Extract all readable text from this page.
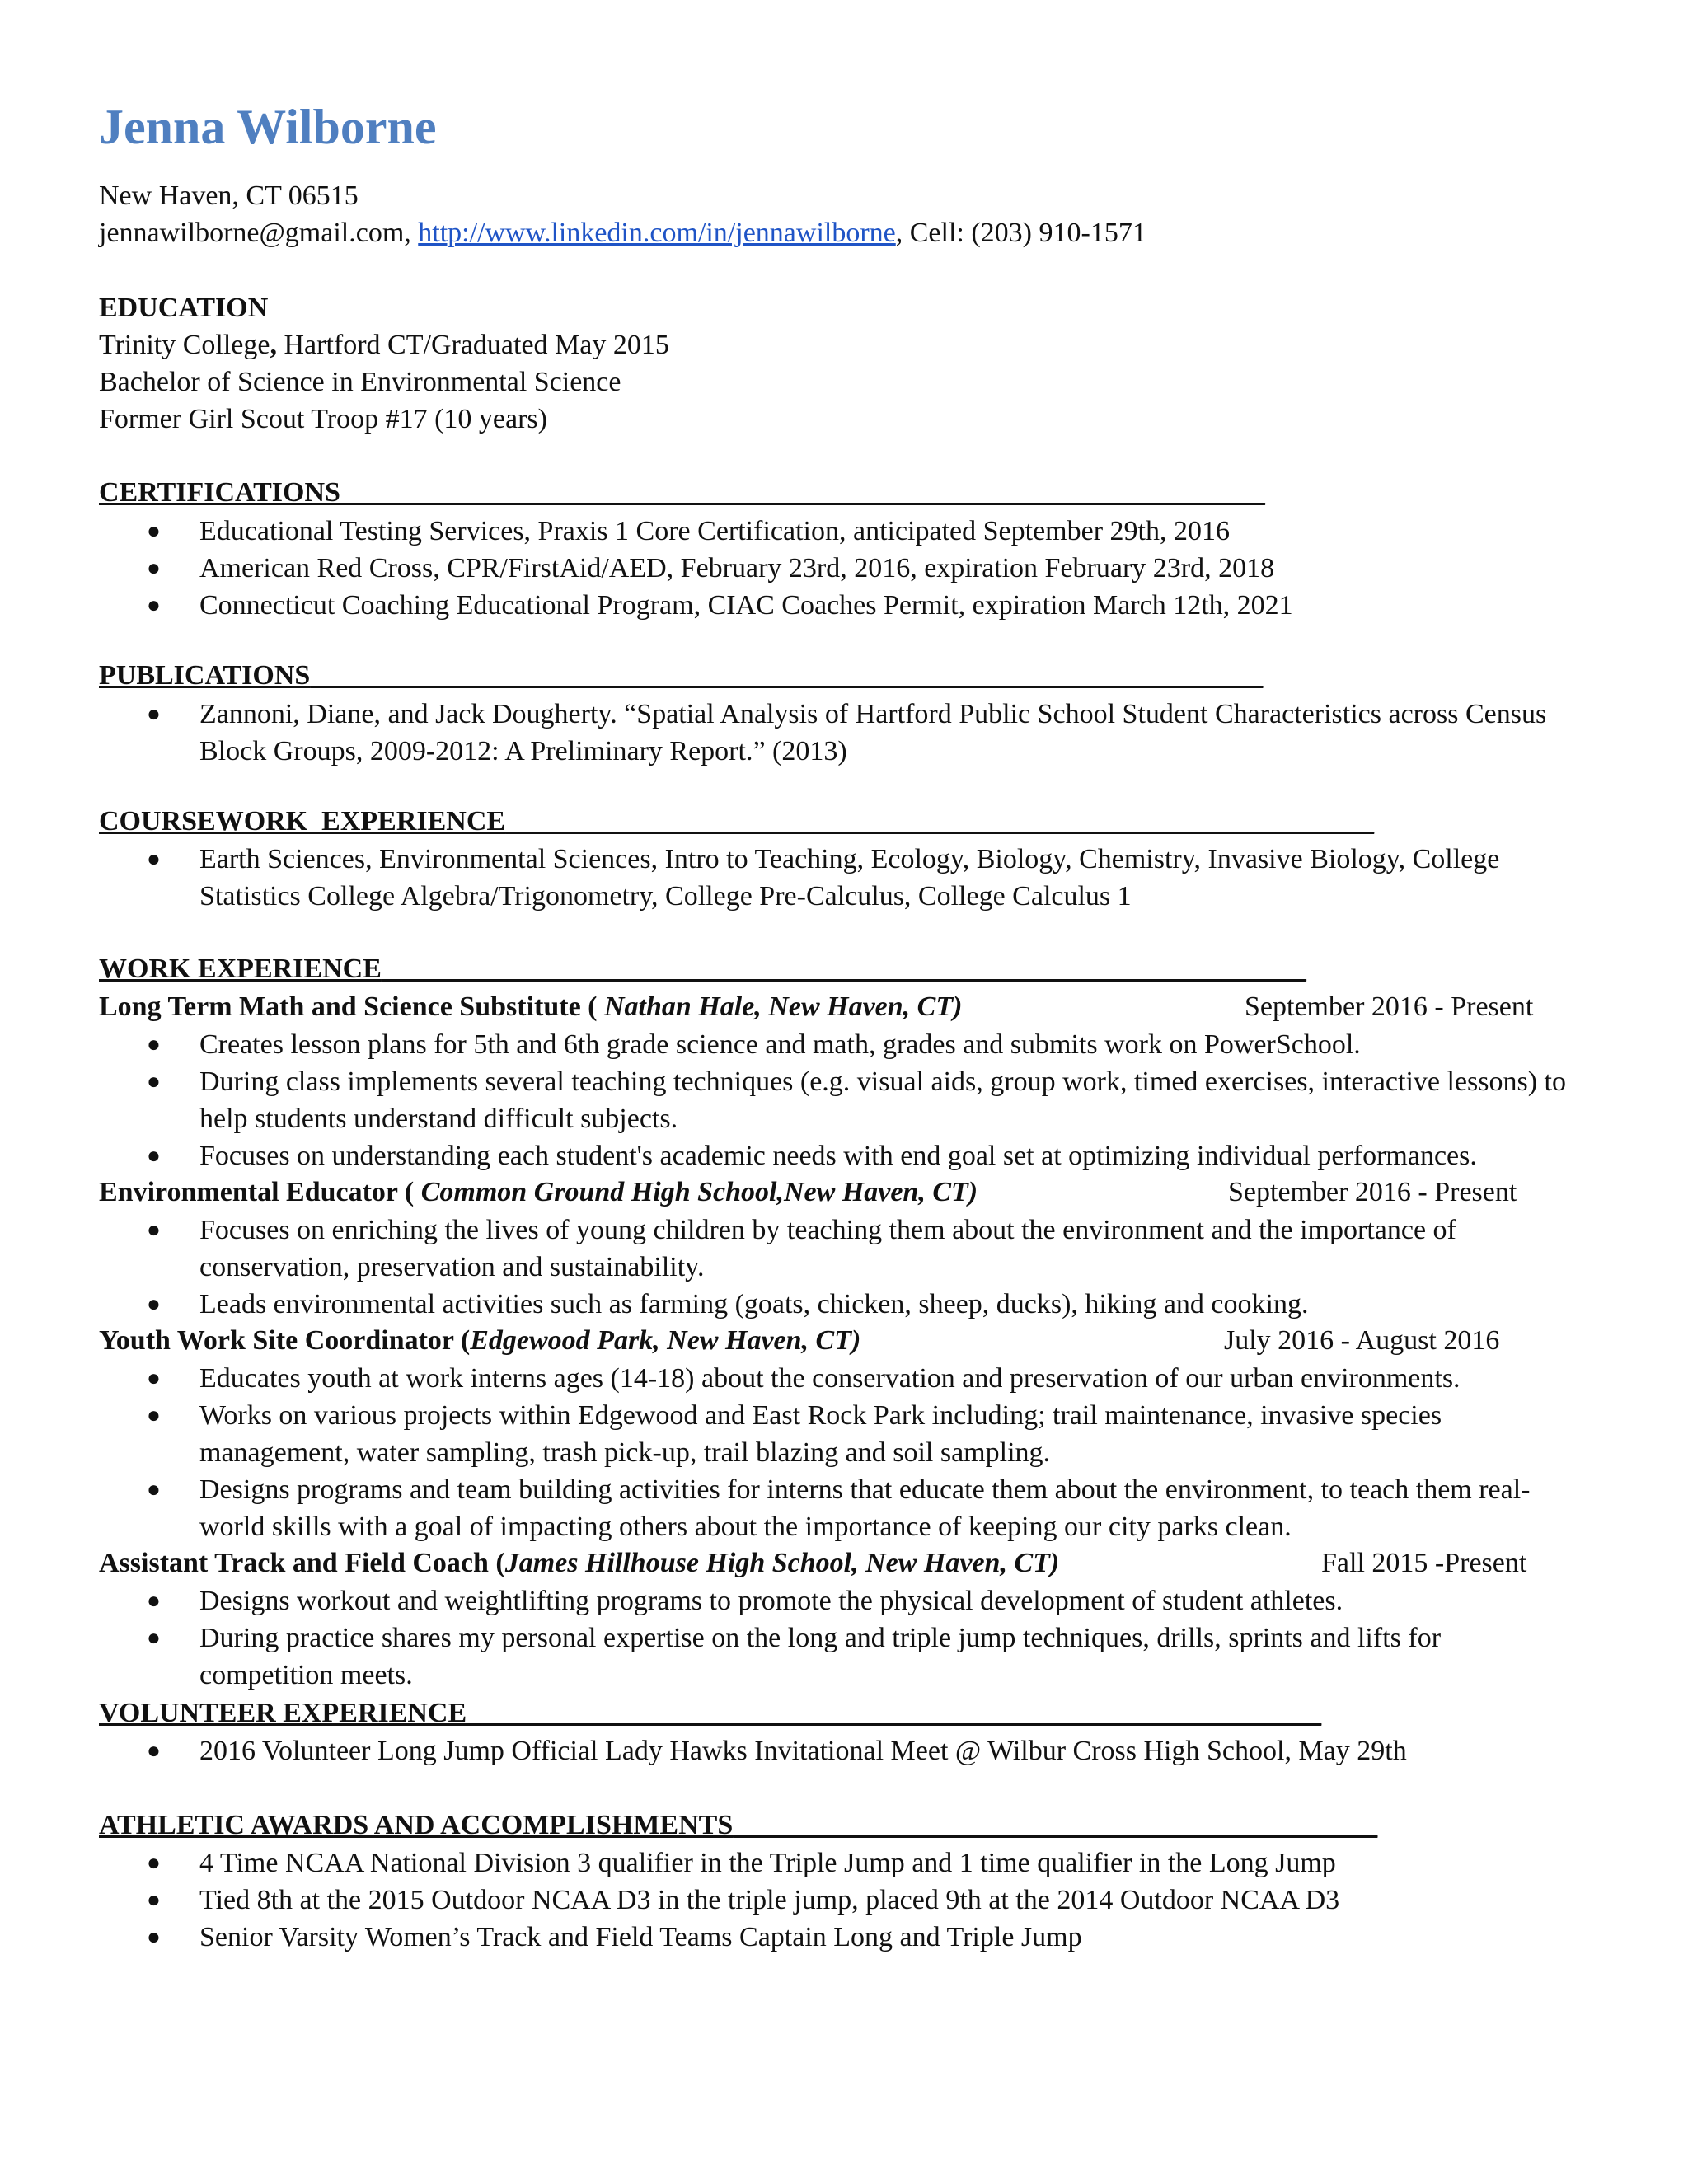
Jenna Wilborne
New Haven, CT 06515
jennawilborne@gmail.com, http://www.linkedin.com/in/jennawilborne, Cell: (203) 910-1571
EDUCATION
Trinity College, Hartford CT/Graduated May 2015
Bachelor of Science in Environmental Science
Former Girl Scout Troop #17 (10 years)
CERTIFICATIONS__________________________________________________________________
● Educational Testing Services, Praxis 1 Core Certification, anticipated September 29th, 2016
● American Red Cross, CPR/FirstAid/AED, February 23rd, 2016, expiration February 23rd, 2018
● Connecticut Coaching Educational Program, CIAC Coaches Permit, expiration March 12th, 2021
PUBLICATIONS____________________________________________________________________
● Zannoni, Diane, and Jack Dougherty. “Spatial Analysis of Hartford Public School Student Characteristics across Census Block Groups, 2009-2012: A Preliminary Report.” (2013)
COURSEWORK_EXPERIENCE______________________________________________________________
● Earth Sciences, Environmental Sciences, Intro to Teaching, Ecology, Biology, Chemistry, Invasive Biology, College Statistics College Algebra/Trigonometry, College Pre-Calculus, College Calculus 1
WORK EXPERIENCE__________________________________________________________________
Long Term Math and Science Substitute ( Nathan Hale, New Haven, CT)	September 2016 - Present
● Creates lesson plans for 5th and 6th grade science and math, grades and submits work on PowerSchool.
● During class implements several teaching techniques (e.g. visual aids, group work, timed exercises, interactive lessons) to help students understand difficult subjects.
● Focuses on understanding each student's academic needs with end goal set at optimizing individual performances.
Environmental Educator ( Common Ground High School,New Haven, CT)	September 2016 - Present
● Focuses on enriching the lives of young children by teaching them about the environment and the importance of conservation, preservation and sustainability.
● Leads environmental activities such as farming (goats, chicken, sheep, ducks), hiking and cooking.
Youth Work Site Coordinator (Edgewood Park, New Haven, CT)	July 2016 - August 2016
● Educates youth at work interns ages (14-18) about the conservation and preservation of our urban environments.
● Works on various projects within Edgewood and East Rock Park including; trail maintenance, invasive species management, water sampling, trash pick-up, trail blazing and soil sampling.
● Designs programs and team building activities for interns that educate them about the environment, to teach them real-world skills with a goal of impacting others about the importance of keeping our city parks clean.
Assistant Track and Field Coach (James Hillhouse High School, New Haven, CT)	Fall 2015 -Present
● Designs workout and weightlifting programs to promote the physical development of student athletes.
● During practice shares my personal expertise on the long and triple jump techniques, drills, sprints and lifts for competition meets.
VOLUNTEER EXPERIENCE_____________________________________________________________
● 2016 Volunteer Long Jump Official Lady Hawks Invitational Meet @ Wilbur Cross High School, May 29th
ATHLETIC AWARDS AND ACCOMPLISHMENTS______________________________________________
● 4 Time NCAA National Division 3 qualifier in the Triple Jump and 1 time qualifier in the Long Jump
● Tied 8th at the 2015 Outdoor NCAA D3 in the triple jump, placed 9th at the 2014 Outdoor NCAA D3
● Senior Varsity Women’s Track and Field Teams Captain Long and Triple Jump
